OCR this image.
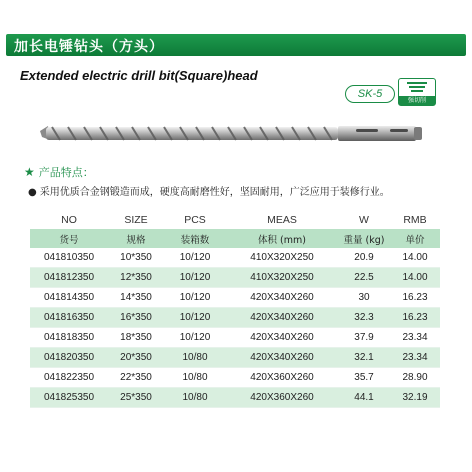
加长电锤钻头（方头）
Extended electric drill bit(Square)head
SK-5
强切削
★ 产品特点：
● 采用优质合金钢锻造而成，硬度高耐磨性好，坚固耐用，广泛应用于装修行业。
NO	SIZE	PCS	MEAS	W	RMB
货号	规格	装箱数	体积 (mm)	重量 (kg)	单价
041810350	10*350	10/120	410X320X250	20.9	14.00
041812350	12*350	10/120	410X320X250	22.5	14.00
041814350	14*350	10/120	420X340X260	30	16.23
041816350	16*350	10/120	420X340X260	32.3	16.23
041818350	18*350	10/120	420X340X260	37.9	23.34
041820350	20*350	10/80	420X340X260	32.1	23.34
041822350	22*350	10/80	420X360X260	35.7	28.90
041825350	25*350	10/80	420X360X260	44.1	32.19
